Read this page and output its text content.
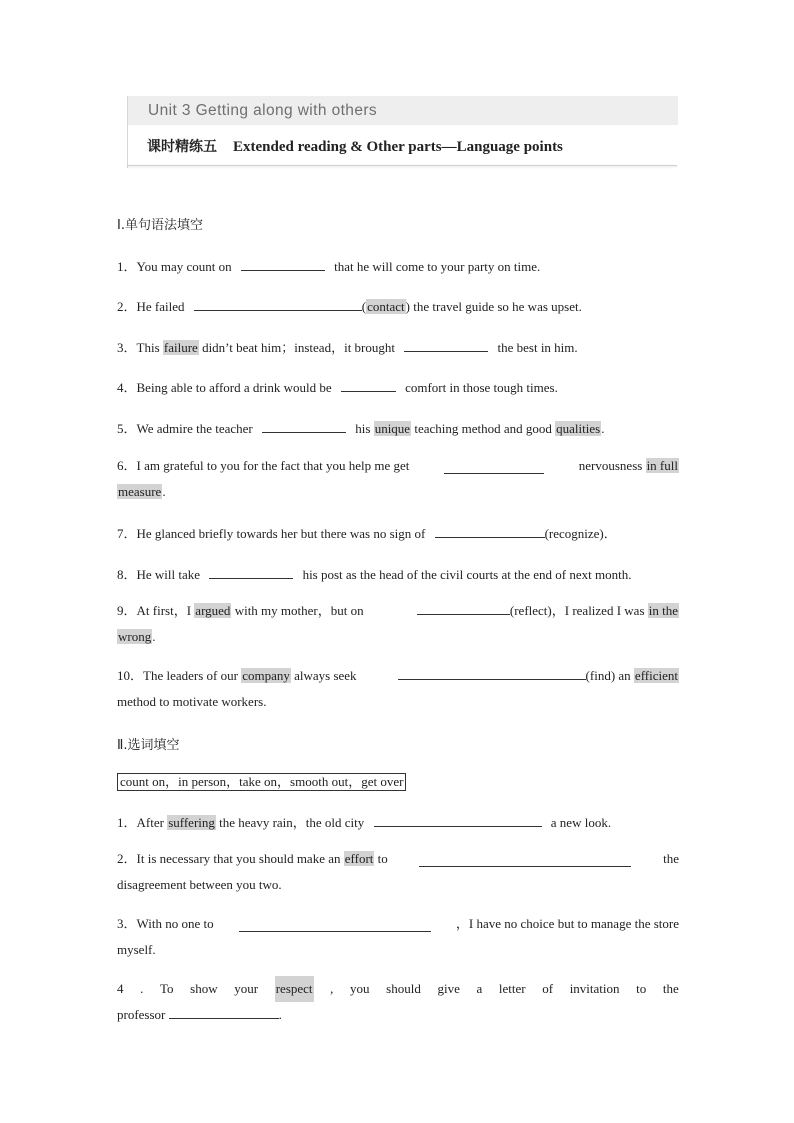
Unit 3 Getting along with others
课时精练五 Extended reading & Other parts—Language points
Ⅰ.单句语法填空
1．You may count on	that he will come to your party on time.
2．He failed	(contact) the travel guide so he was upset.
3．This failure didn’t beat him；instead，it brought	the best in him.
4．Being able to afford a drink would be	comfort in those tough times.
5．We admire the teacher	his unique teaching method and good qualities.
6．I am grateful to you for the fact that you help me get	nervousness in full
measure.
7．He glanced briefly towards her but there was no sign of	(recognize)．
8．He will take	his post as the head of the civil courts at the end of next month.
9．At first，I argued with my mother，but on	(reflect)，I realized I was in the
wrong.
10．The leaders of our company always seek	(find) an efficient
method to motivate workers.
Ⅱ.选词填空
count on，in person，take on，smooth out，get over
1．After suffering the heavy rain，the old city	a new look.
2．It is necessary that you should make an effort to	the
disagreement between you two.
3．With no one to	，I have no choice but to manage the store
myself.
4 . To show your respect , you should give a letter of invitation to the
professor	.
